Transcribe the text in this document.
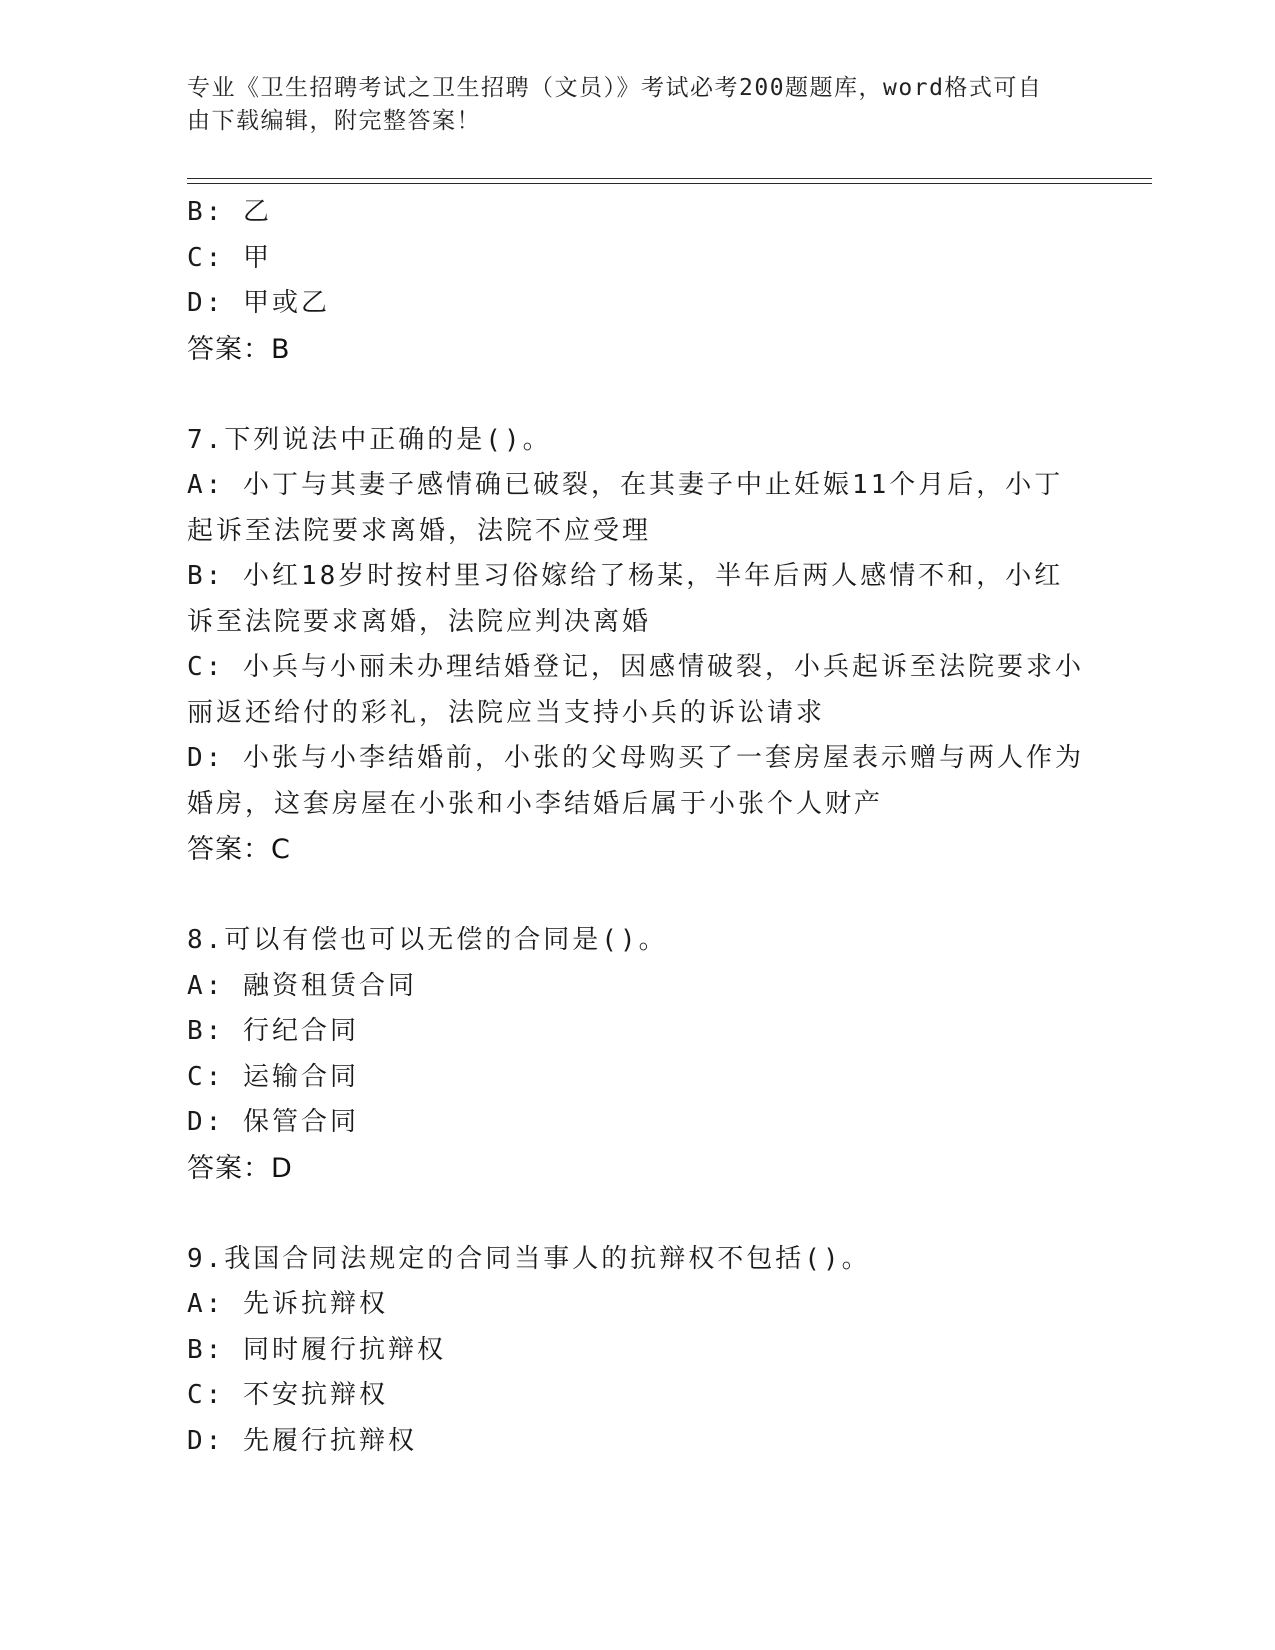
专业《卫生招聘考试之卫生招聘（文员）》考试必考200题题库，word格式可自
由下载编辑，附完整答案！
B: 乙
C: 甲
D: 甲或乙
答案：B
7.下列说法中正确的是()。
A: 小丁与其妻子感情确已破裂，在其妻子中止妊娠11个月后，小丁
起诉至法院要求离婚，法院不应受理
B: 小红18岁时按村里习俗嫁给了杨某，半年后两人感情不和，小红
诉至法院要求离婚，法院应判决离婚
C: 小兵与小丽未办理结婚登记，因感情破裂，小兵起诉至法院要求小
丽返还给付的彩礼，法院应当支持小兵的诉讼请求
D: 小张与小李结婚前，小张的父母购买了一套房屋表示赠与两人作为
婚房，这套房屋在小张和小李结婚后属于小张个人财产
答案：C
8.可以有偿也可以无偿的合同是()。
A: 融资租赁合同
B: 行纪合同
C: 运输合同
D: 保管合同
答案：D
9.我国合同法规定的合同当事人的抗辩权不包括()。
A: 先诉抗辩权
B: 同时履行抗辩权
C: 不安抗辩权
D: 先履行抗辩权
